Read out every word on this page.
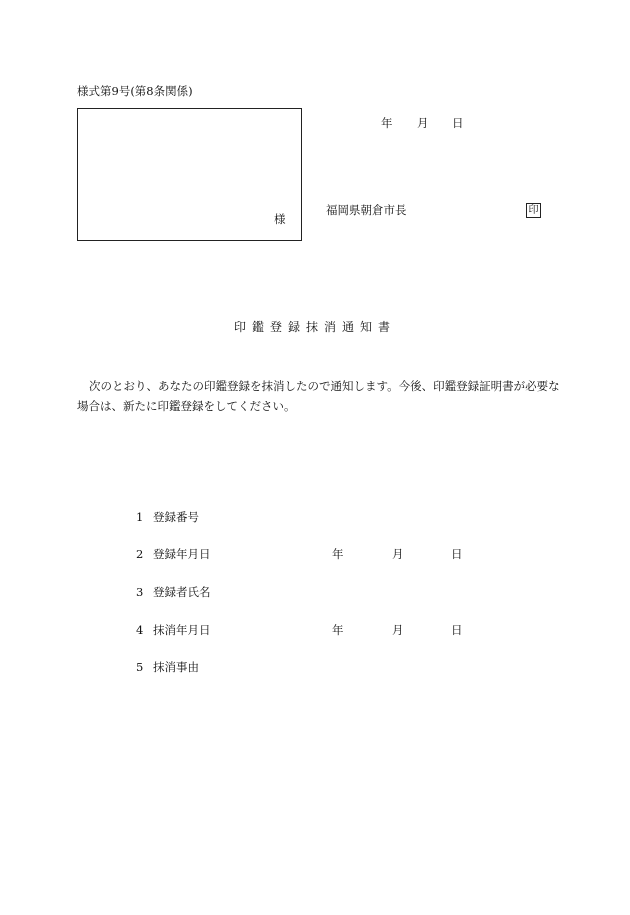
様式第9号(第8条関係)
様
年 月 日
福岡県朝倉市長	印
印鑑登録抹消通知書
次のとおり、あなたの印鑑登録を抹消したので通知します。今後、印鑑登録証明書が必要な場合は、新たに印鑑登録をしてください。
1 登録番号
2 登録年月日	年	月	日
3 登録者氏名
4 抹消年月日	年	月	日
5 抹消事由
